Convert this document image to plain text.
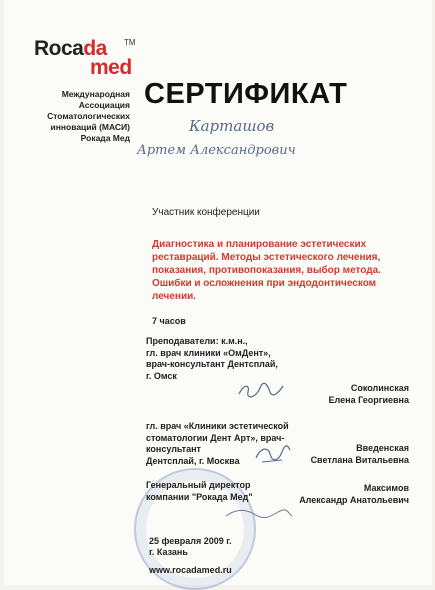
Rocada
med
TM
Международная
Ассоциация
Стоматологических
инноваций (МАСИ)
Рокада Мед
СЕРТИФИКАТ
Карташов
Артем Александрович
Участник конференции
Диагностика и планирование эстетических реставраций. Методы эстетического лечения, показания, противопоказания, выбор метода. Ошибки и осложнения при эндодонтическом лечении.
7 часов
Преподаватели: к.м.н.,
гл. врач клиники «ОмДент»,
врач-консультант Дентсплай,
г. Омск
Соколинская
Елена Георгиевна
гл. врач «Клиники эстетической
стоматологии Дент Арт», врач-консультант
Дентсплай, г. Москва
Введенская
Светлана Витальевна
Генеральный директор
компании "Рокада Мед"
Максимов
Александр Анатольевич
25 февраля 2009 г.
г. Казань
www.rocadamed.ru
